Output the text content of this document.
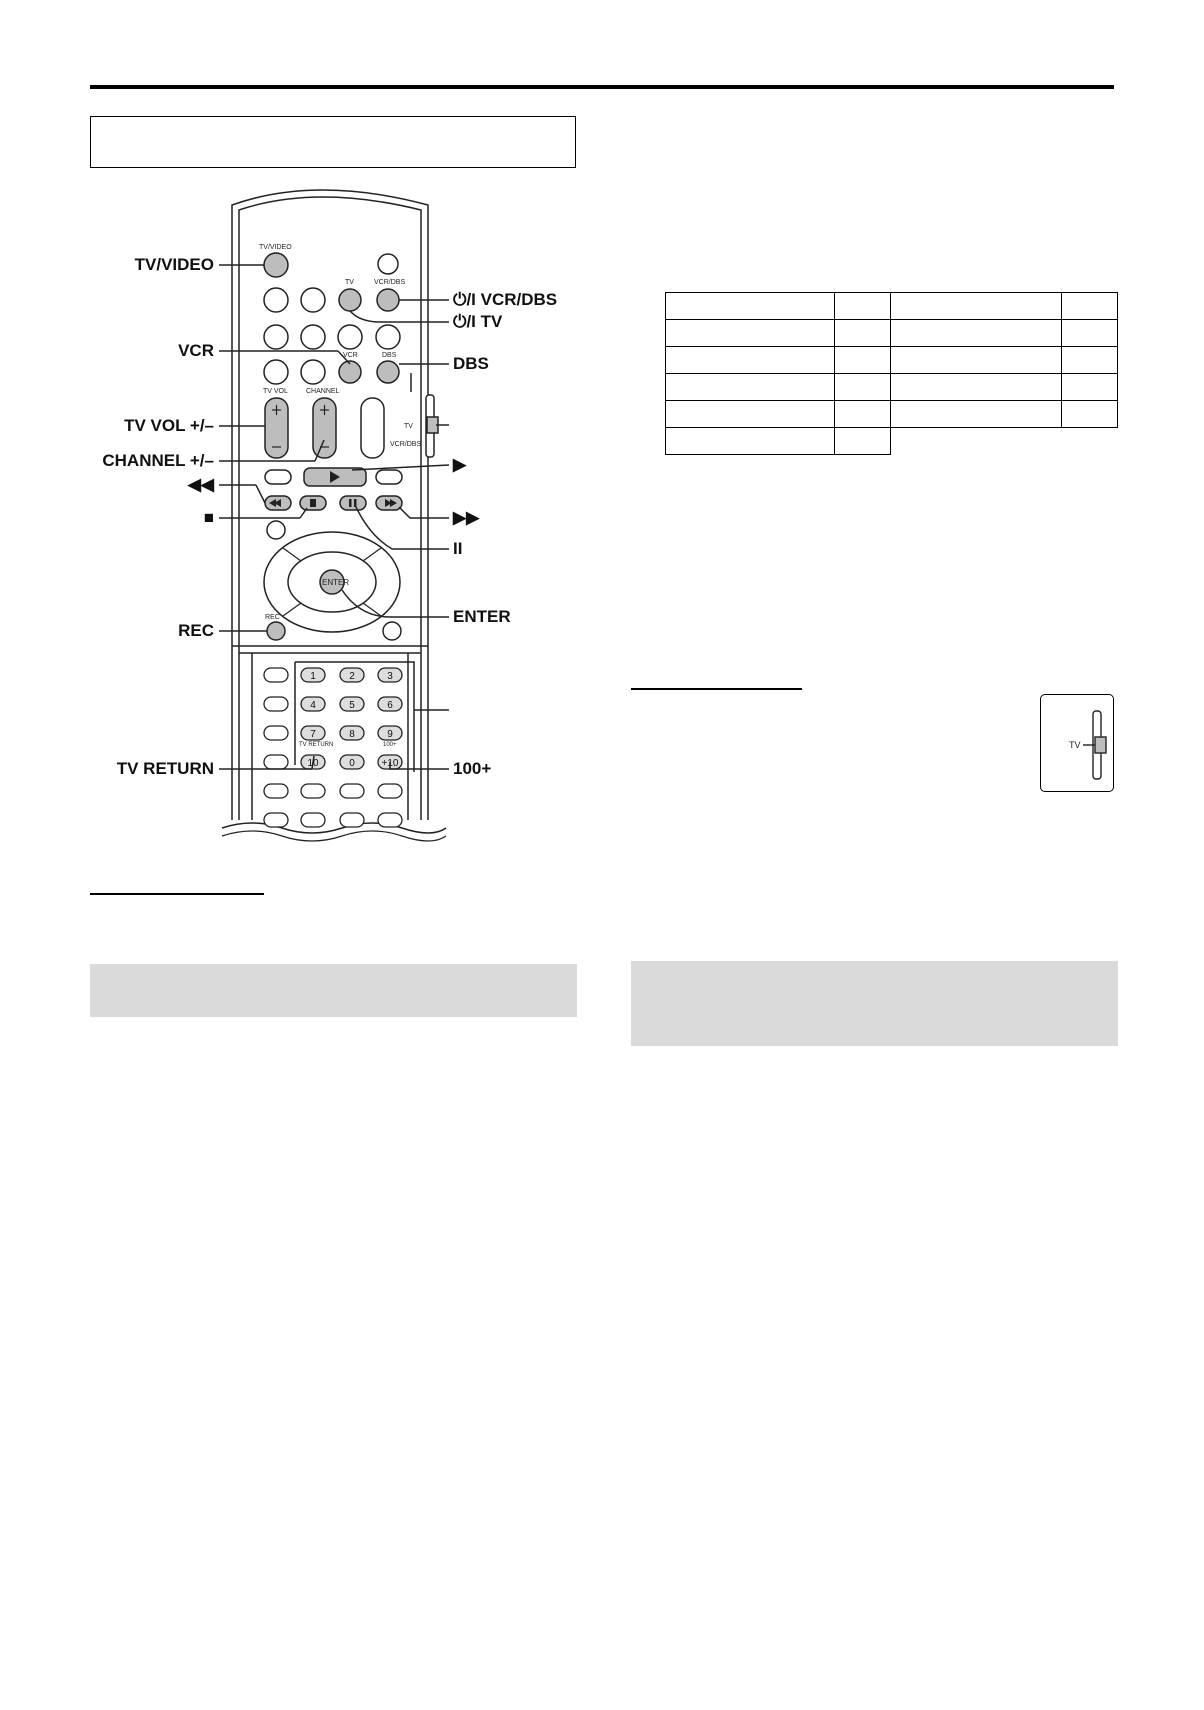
TV/VIDEO
TV	VCR/DBS
VCR	DBS
TV VOL	CHANNEL
ENTER
REC
TV RETURN	100+
TV
VCR/DBS
1	2	3
4	5	6
7	8	9
10	0	+10
TV/VIDEO
VCR
TV VOL +/–
CHANNEL +/–
◀◀
■
REC
TV RETURN
⏻/I VCR/DBS
⏻/I TV
DBS
▶
▶▶
II
ENTER
100+

TV
